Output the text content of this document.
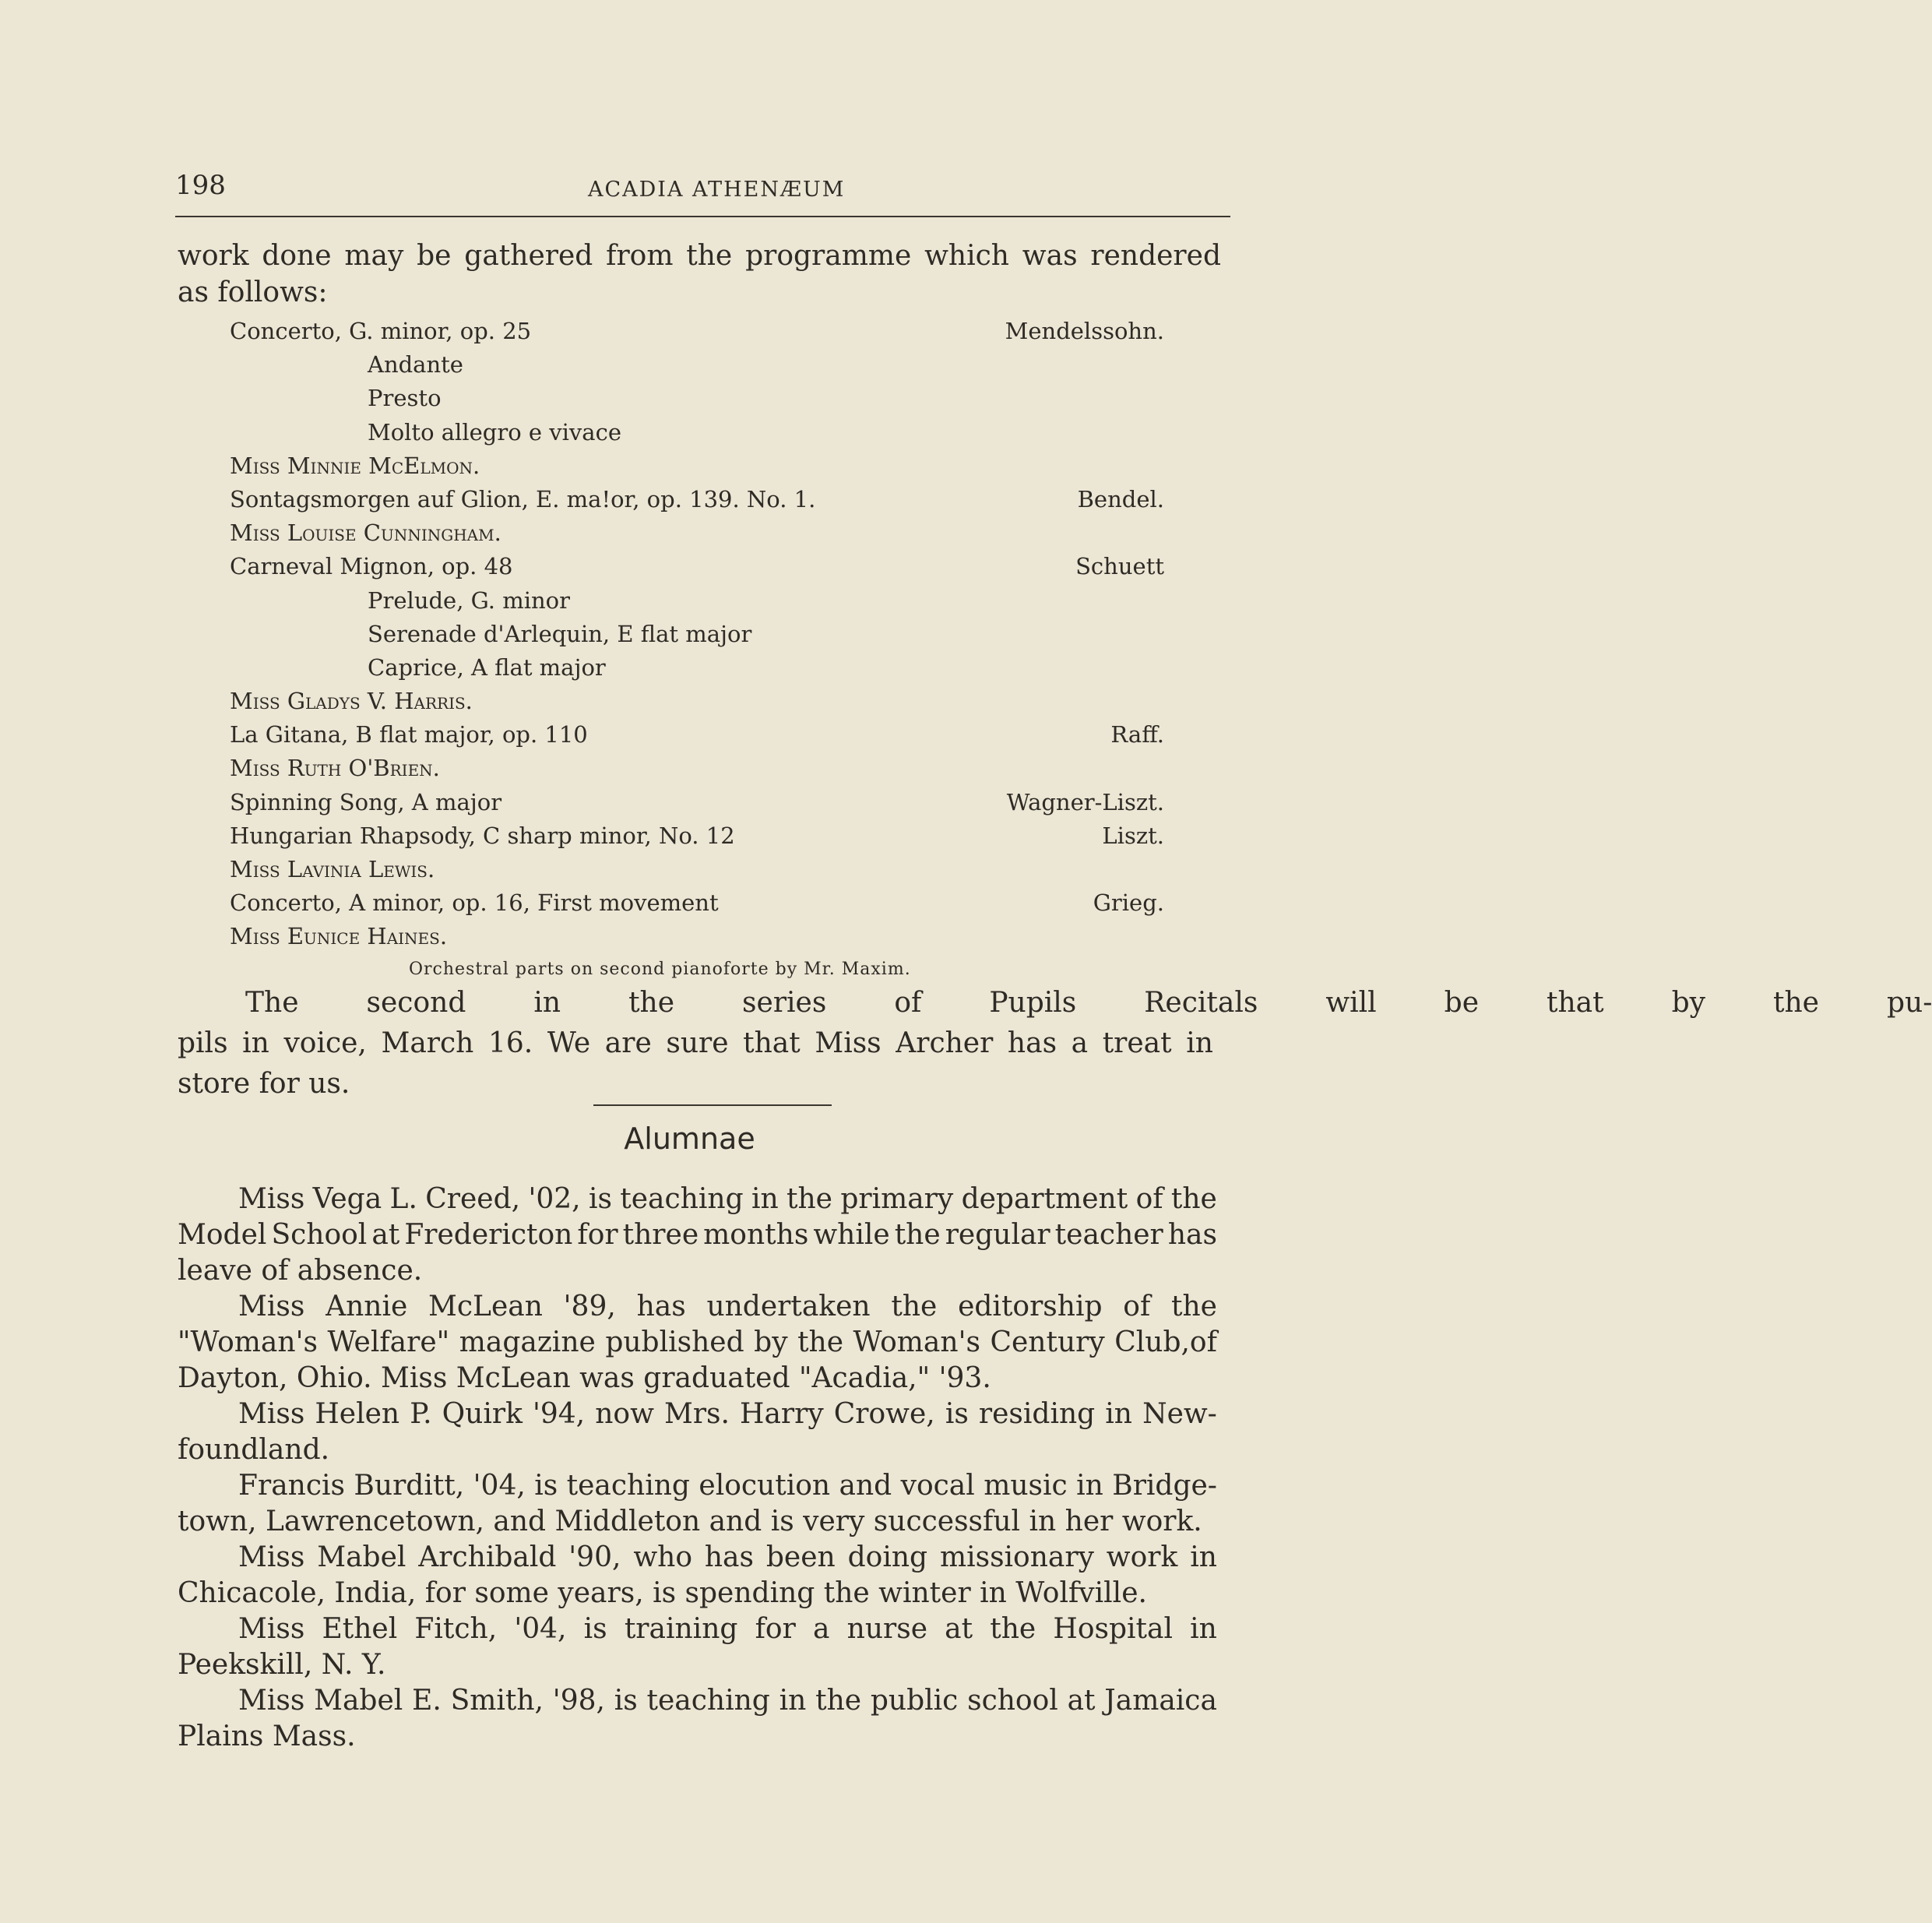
198	ACADIA ATHENÆUM
work done may be gathered from the programme which was rendered
as follows:
Concerto, G. minor, op. 25	Mendelssohn.
Andante
Presto
Molto allegro e vivace
Miss Minnie McElmon.
Sontagsmorgen auf Glion, E. ma!or, op. 139. No. 1.	Bendel.
Miss Louise Cunningham.
Carneval Mignon, op. 48	Schuett
Prelude, G. minor
Serenade d'Arlequin, E flat major
Caprice, A flat major
Miss Gladys V. Harris.
La Gitana, B flat major, op. 110	Raff.
Miss Ruth O'Brien.
Spinning Song, A major	Wagner-Liszt.
Hungarian Rhapsody, C sharp minor, No. 12	Liszt.
Miss Lavinia Lewis.
Concerto, A minor, op. 16, First movement	Grieg.
Miss Eunice Haines.
Orchestral parts on second pianoforte by Mr. Maxim.
The	second	in	the	series	of	Pupils	Recitals	will	be	that	by	the	pu-
pils in voice, March 16. We are sure that Miss Archer has a treat in
store for us.
Alumnae
Miss Vega L. Creed, '02, is teaching in the primary department of the
Model School at Fredericton for three months while the regular teacher has
leave of absence.
Miss Annie McLean '89, has undertaken the editorship of the
"Woman's Welfare" magazine published by the Woman's Century Club,of
Dayton, Ohio. Miss McLean was graduated "Acadia," '93.
Miss Helen P. Quirk '94, now Mrs. Harry Crowe, is residing in New-
foundland.
Francis Burditt, '04, is teaching elocution and vocal music in Bridge-
town, Lawrencetown, and Middleton and is very successful in her work.
Miss Mabel Archibald '90, who has been doing missionary work in
Chicacole, India, for some years, is spending the winter in Wolfville.
Miss Ethel Fitch, '04, is training for a nurse at the Hospital in
Peekskill, N. Y.
Miss Mabel E. Smith, '98, is teaching in the public school at Jamaica
Plains Mass.
